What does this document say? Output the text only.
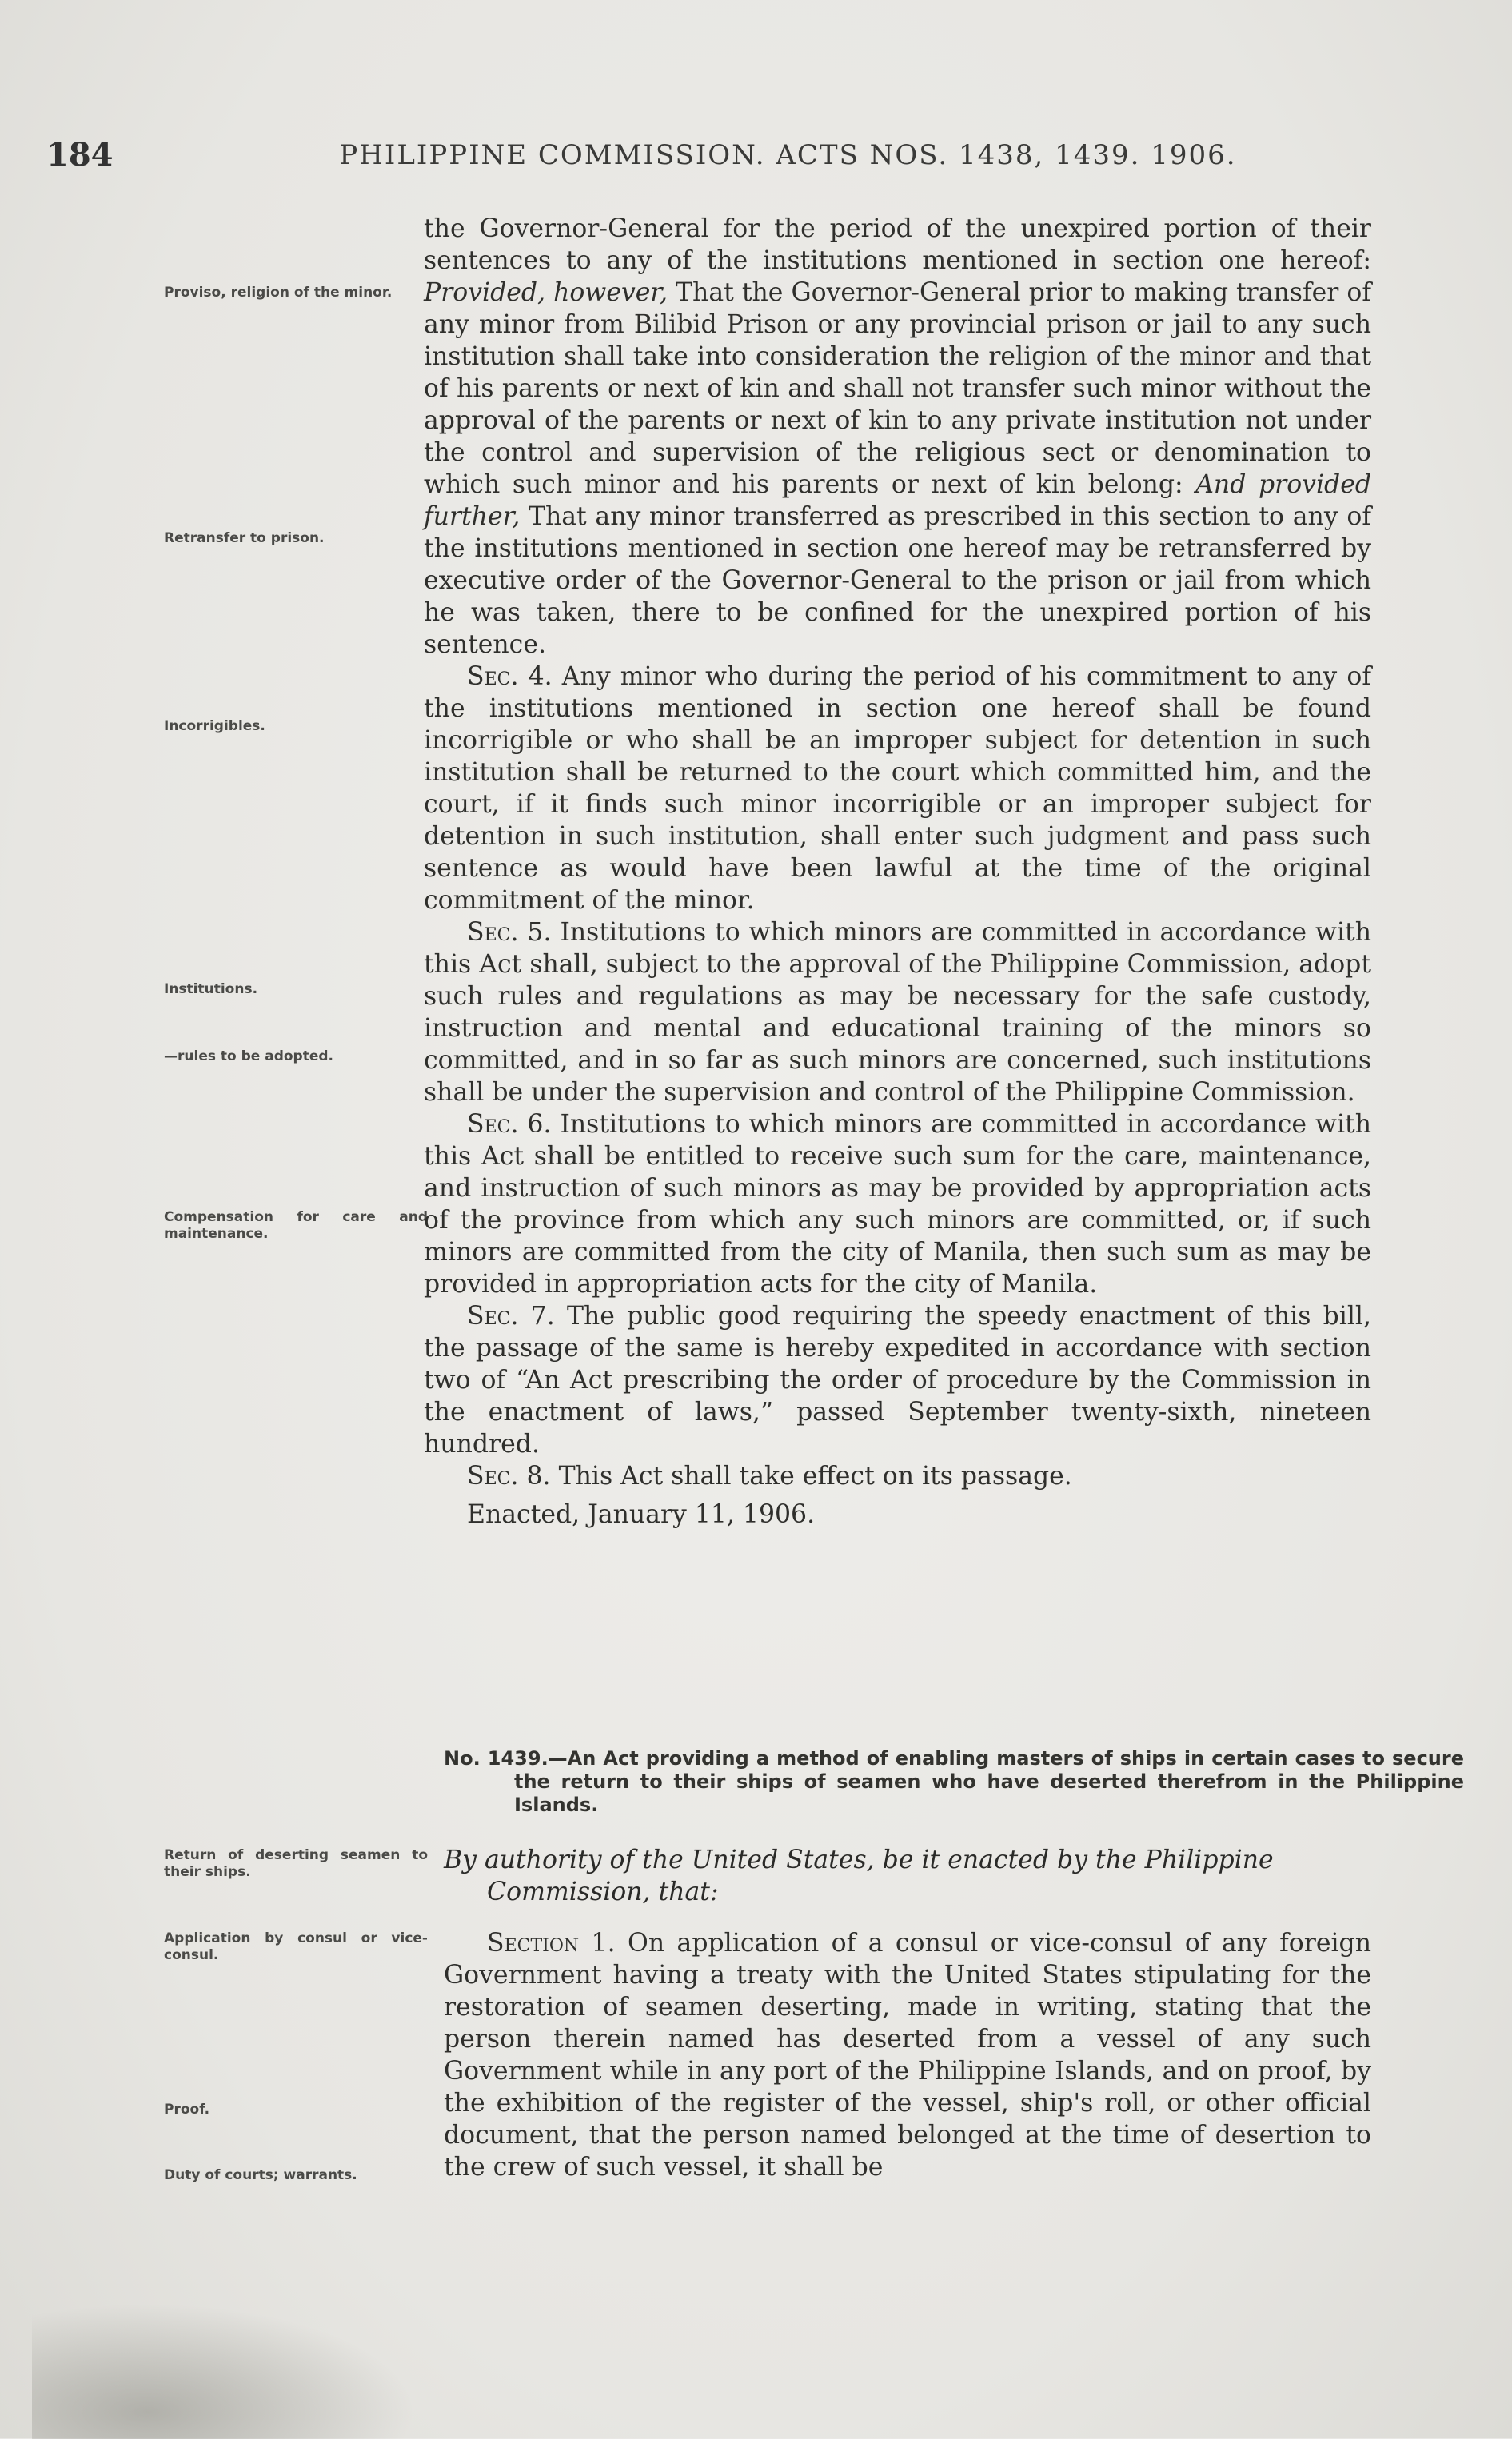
184	PHILIPPINE COMMISSION. ACTS NOS. 1438, 1439. 1906.
Proviso, religion of the minor.
Retransfer to prison.
Incorrigibles.
Institutions.
—rules to be adopted.
Compensation for care and maintenance.
Return of deserting seamen to their ships.
Application by consul or vice-consul.
Proof.
Duty of courts; warrants.

the Governor-General for the period of the unexpired portion of their sentences to any of the institutions mentioned in section one hereof: Provided, however, That the Governor-General prior to making transfer of any minor from Bilibid Prison or any provincial prison or jail to any such institution shall take into consideration the religion of the minor and that of his parents or next of kin and shall not transfer such minor without the approval of the parents or next of kin to any private institution not under the control and supervision of the religious sect or denomination to which such minor and his parents or next of kin belong: And provided further, That any minor transferred as prescribed in this section to any of the institutions mentioned in section one hereof may be retransferred by executive order of the Governor-General to the prison or jail from which he was taken, there to be confined for the unexpired portion of his sentence.

Sec. 4. Any minor who during the period of his commitment to any of the institutions mentioned in section one hereof shall be found incorrigible or who shall be an improper subject for detention in such institution shall be returned to the court which committed him, and the court, if it finds such minor incorrigible or an improper subject for detention in such institution, shall enter such judgment and pass such sentence as would have been lawful at the time of the original commitment of the minor.

Sec. 5. Institutions to which minors are committed in accordance with this Act shall, subject to the approval of the Philippine Commission, adopt such rules and regulations as may be necessary for the safe custody, instruction and mental and educational training of the minors so committed, and in so far as such minors are concerned, such institutions shall be under the supervision and control of the Philippine Commission.

Sec. 6. Institutions to which minors are committed in accordance with this Act shall be entitled to receive such sum for the care, maintenance, and instruction of such minors as may be provided by appropriation acts of the province from which any such minors are committed, or, if such minors are committed from the city of Manila, then such sum as may be provided in appropriation acts for the city of Manila.

Sec. 7. The public good requiring the speedy enactment of this bill, the passage of the same is hereby expedited in accordance with section two of “An Act prescribing the order of procedure by the Commission in the enactment of laws,” passed September twenty-sixth, nineteen hundred.

Sec. 8. This Act shall take effect on its passage.

Enacted, January 11, 1906.

No. 1439.—An Act providing a method of enabling masters of ships in certain cases to secure the return to their ships of seamen who have deserted therefrom in the Philippine Islands.
By authority of the United States, be it enacted by the Philippine Commission, that:

Section 1. On application of a consul or vice-consul of any foreign Government having a treaty with the United States stipulating for the restoration of seamen deserting, made in writing, stating that the person therein named has deserted from a vessel of any such Government while in any port of the Philippine Islands, and on proof, by the exhibition of the register of the vessel, ship's roll, or other official document, that the person named belonged at the time of desertion to the crew of such vessel, it shall be
